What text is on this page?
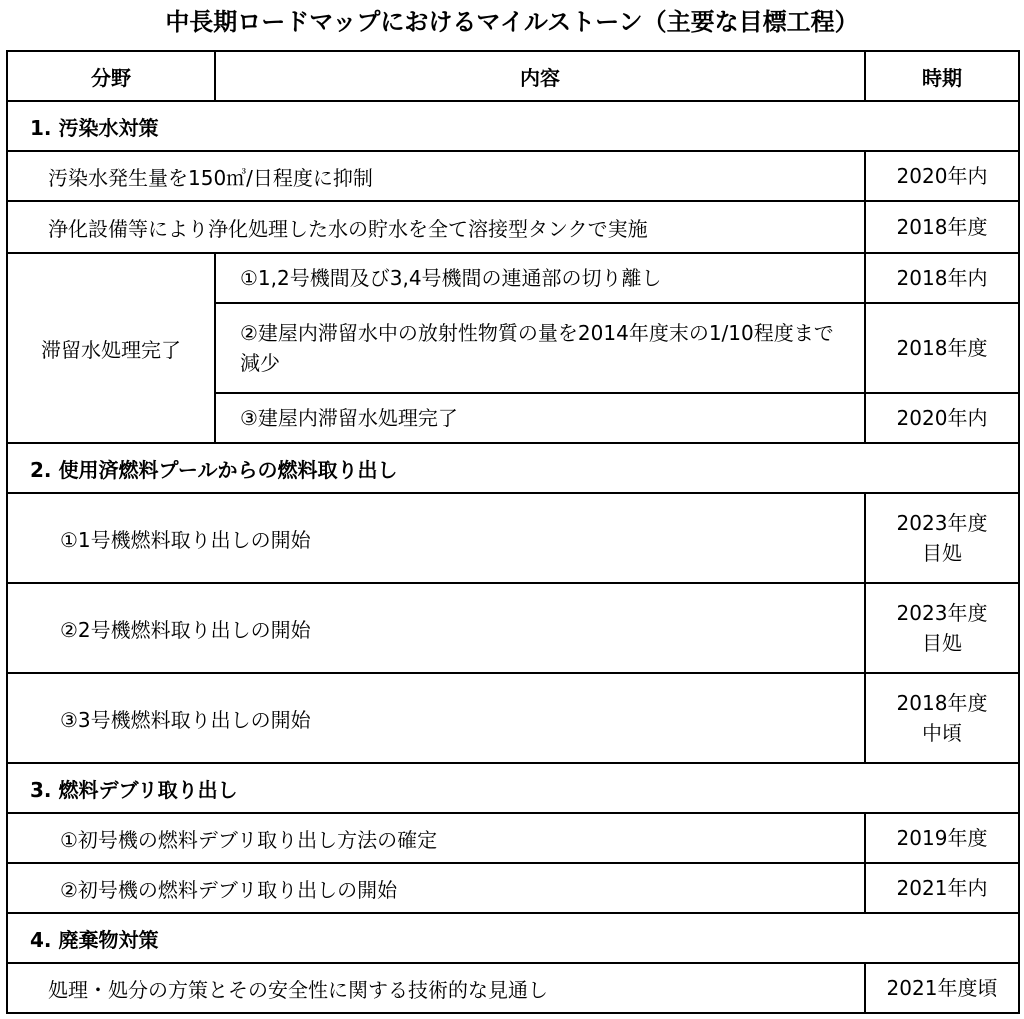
中長期ロードマップにおけるマイルストーン（主要な目標工程）
分野	内容	時期
1. 汚染水対策		
汚染水発生量を150㎥/日程度に抑制		2020年内
浄化設備等により浄化処理した水の貯水を全て溶接型タンクで実施		2018年度
滞留水処理完了	①1,2号機間及び3,4号機間の連通部の切り離し	2018年内
	②建屋内滞留水中の放射性物質の量を2014年度末の1/10程度まで減少	2018年度
	③建屋内滞留水処理完了	2020年内
2. 使用済燃料プールからの燃料取り出し		
①1号機燃料取り出しの開始		2023年度
目処

②2号機燃料取り出しの開始		2023年度
目処

③3号機燃料取り出しの開始		2018年度
中頃

3. 燃料デブリ取り出し		
①初号機の燃料デブリ取り出し方法の確定		2019年度
②初号機の燃料デブリ取り出しの開始		2021年内
4. 廃棄物対策		
処理・処分の方策とその安全性に関する技術的な見通し		2021年度頃
